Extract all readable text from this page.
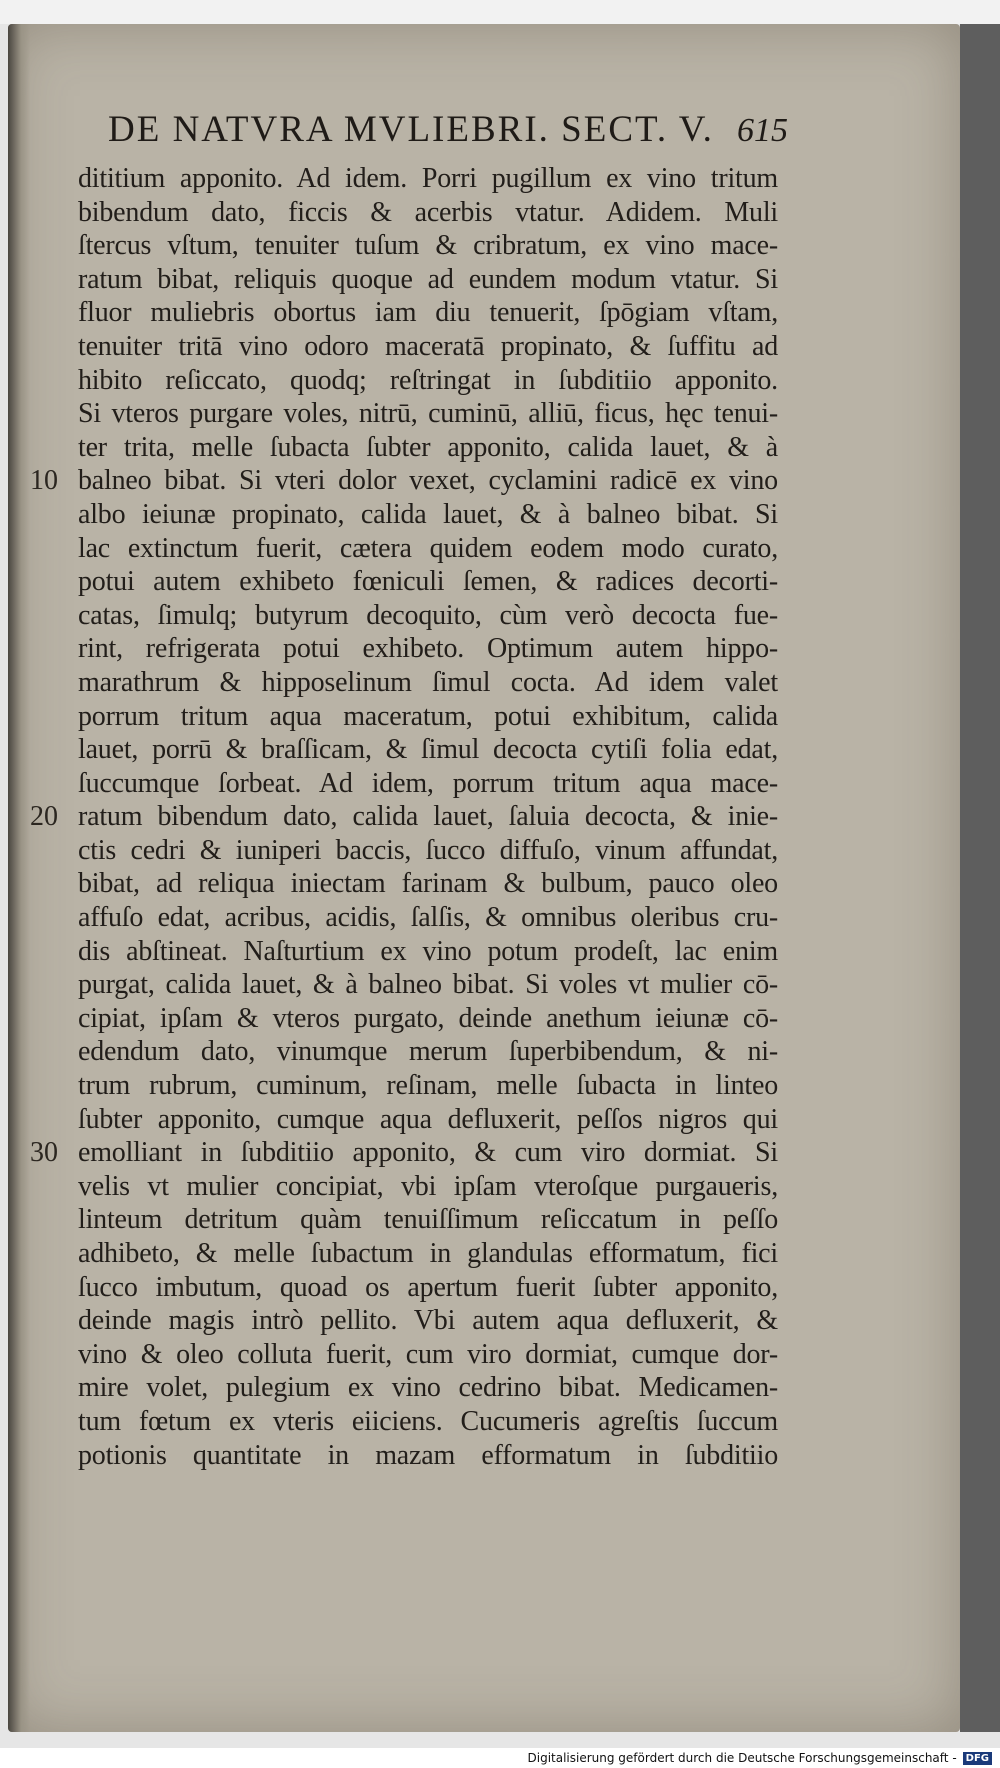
DE NATVRA MVLIEBRI. SECT. V. 615
10
20
30
dititium apponito. Ad idem. Porri pugillum ex vino tritum
bibendum dato, ficcis & acerbis vtatur. Adidem. Muli
ſtercus vſtum, tenuiter tuſum & cribratum, ex vino mace-
ratum bibat, reliquis quoque ad eundem modum vtatur. Si
fluor muliebris obortus iam diu tenuerit, ſpōgiam vſtam,
tenuiter tritā vino odoro maceratā propinato, & ſuffitu ad
hibito reſiccato, quodq; reſtringat in ſubditiio apponito.
Si vteros purgare voles, nitrū, cuminū, alliū, ficus, hęc tenui-
ter trita, melle ſubacta ſubter apponito, calida lauet, & à
balneo bibat. Si vteri dolor vexet, cyclamini radicē ex vino
albo ieiunæ propinato, calida lauet, & à balneo bibat. Si
lac extinctum fuerit, cætera quidem eodem modo curato,
potui autem exhibeto fœniculi ſemen, & radices decorti-
catas, ſimulq; butyrum decoquito, cùm verò decocta fue-
rint, refrigerata potui exhibeto. Optimum autem hippo-
marathrum & hipposelinum ſimul cocta. Ad idem valet
porrum tritum aqua maceratum, potui exhibitum, calida
lauet, porrū & braſſicam, & ſimul decocta cytiſi folia edat,
ſuccumque ſorbeat. Ad idem, porrum tritum aqua mace-
ratum bibendum dato, calida lauet, ſaluia decocta, & inie-
ctis cedri & iuniperi baccis, ſucco diffuſo, vinum affundat,
bibat, ad reliqua iniectam farinam & bulbum, pauco oleo
affuſo edat, acribus, acidis, ſalſis, & omnibus oleribus cru-
dis abſtineat. Naſturtium ex vino potum prodeſt, lac enim
purgat, calida lauet, & à balneo bibat. Si voles vt mulier cō-
cipiat, ipſam & vteros purgato, deinde anethum ieiunæ cō-
edendum dato, vinumque merum ſuperbibendum, & ni-
trum rubrum, cuminum, reſinam, melle ſubacta in linteo
ſubter apponito, cumque aqua defluxerit, peſſos nigros qui
emolliant in ſubditiio apponito, & cum viro dormiat. Si
velis vt mulier concipiat, vbi ipſam vteroſque purgaueris,
linteum detritum quàm tenuiſſimum reſiccatum in peſſo
adhibeto, & melle ſubactum in glandulas efformatum, fici
ſucco imbutum, quoad os apertum fuerit ſubter apponito,
deinde magis intrò pellito. Vbi autem aqua defluxerit, &
vino & oleo colluta fuerit, cum viro dormiat, cumque dor-
mire volet, pulegium ex vino cedrino bibat. Medicamen-
tum fœtum ex vteris eiiciens. Cucumeris agreſtis ſuccum
potionis quantitate in mazam efformatum in ſubditiio
Digitalisierung gefördert durch die Deutsche Forschungsgemeinschaft - DFG
